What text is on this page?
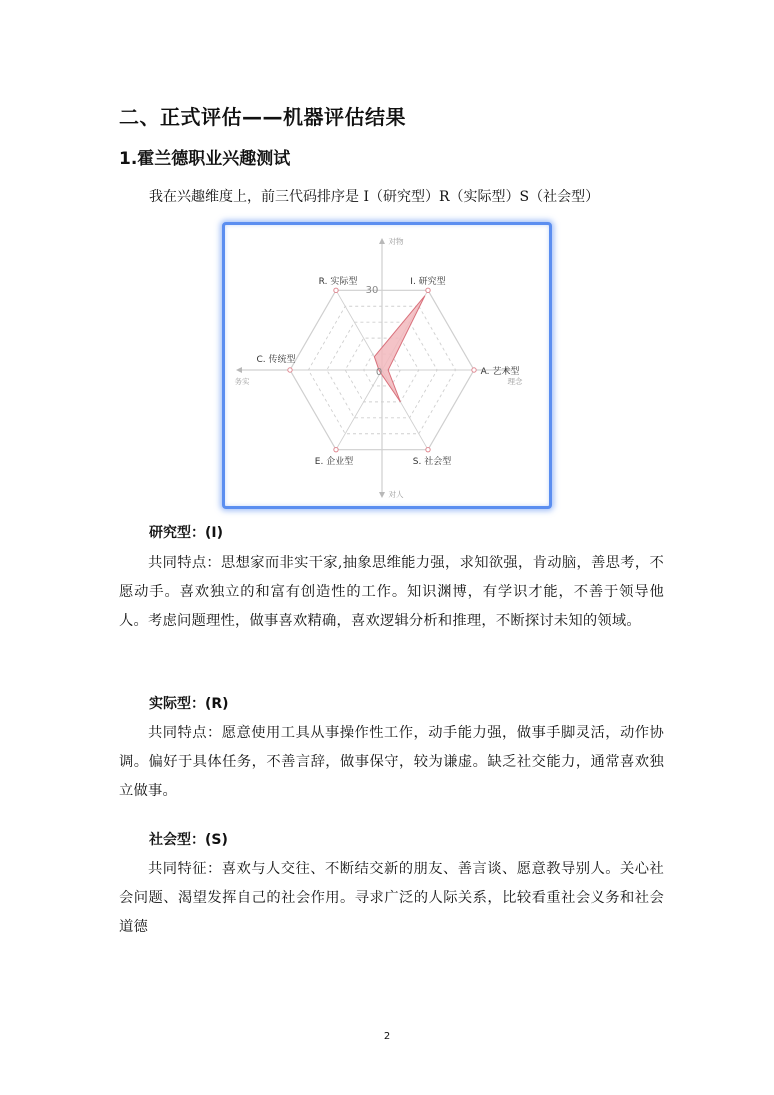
二、正式评估——机器评估结果
1.霍兰德职业兴趣测试
我在兴趣维度上，前三代码排序是 I（研究型）R（实际型）S（社会型）
I. 研究型
A. 艺术型
S. 社会型
E. 企业型
C. 传统型
R. 实际型
30
0
对物
对人
务实	理念
研究型：(I)
共同特点：思想家而非实干家,抽象思维能力强，求知欲强，肯动脑，善思考，不愿动手。喜欢独立的和富有创造性的工作。知识渊博，有学识才能，不善于领导他人。考虑问题理性，做事喜欢精确，喜欢逻辑分析和推理，不断探讨未知的领域。
实际型：(R)
共同特点：愿意使用工具从事操作性工作，动手能力强，做事手脚灵活，动作协调。偏好于具体任务，不善言辞，做事保守，较为谦虚。缺乏社交能力，通常喜欢独立做事。
社会型：(S)
共同特征：喜欢与人交往、不断结交新的朋友、善言谈、愿意教导别人。关心社会问题、渴望发挥自己的社会作用。寻求广泛的人际关系，比较看重社会义务和社会道德
2
